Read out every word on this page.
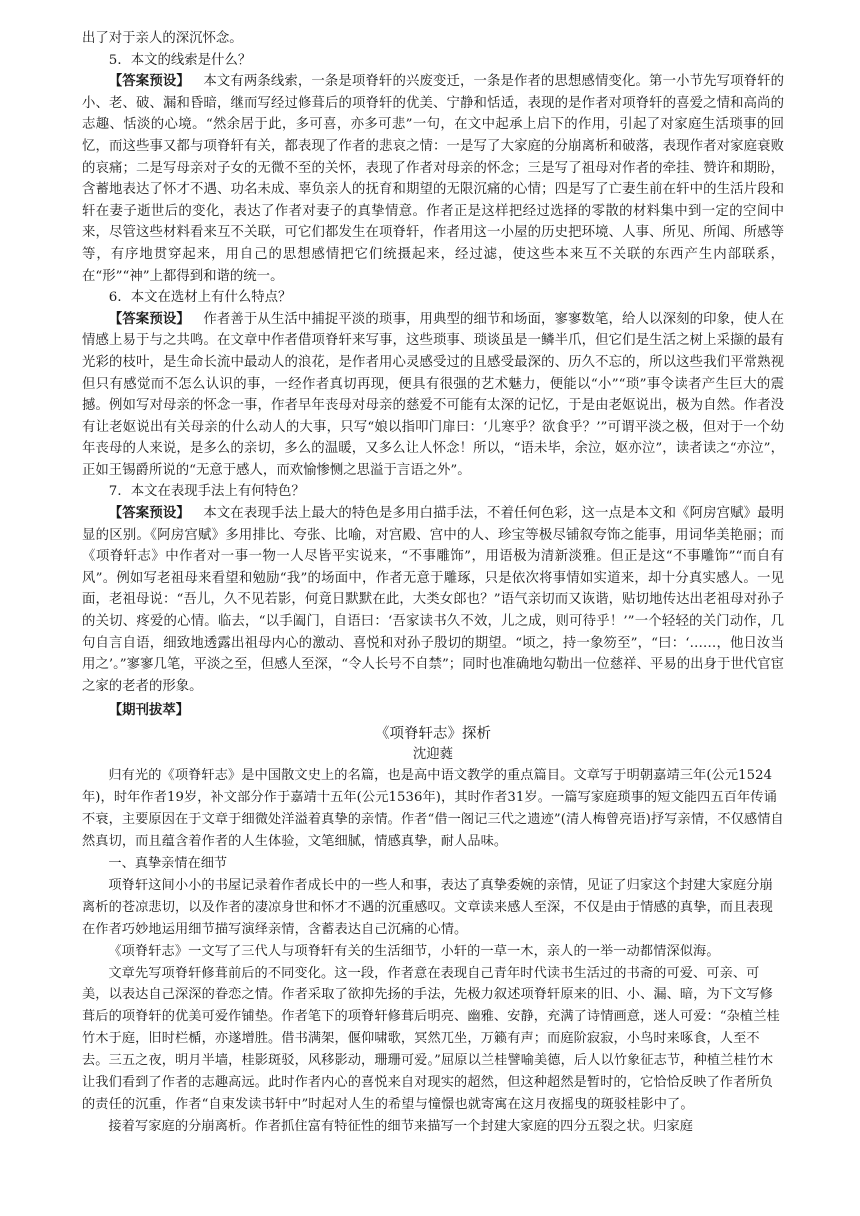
出了对于亲人的深沉怀念。

5．本文的线索是什么？

【答案预设】  本文有两条线索，一条是项脊轩的兴废变迁，一条是作者的思想感情变化。第一小节先写项脊轩的小、老、破、漏和昏暗，继而写经过修葺后的项脊轩的优美、宁静和恬适，表现的是作者对项脊轩的喜爱之情和高尚的志趣、恬淡的心境。“然余居于此，多可喜，亦多可悲”一句，在文中起承上启下的作用，引起了对家庭生活琐事的回忆，而这些事又都与项脊轩有关，都表现了作者的悲哀之情：一是写了大家庭的分崩离析和破落，表现作者对家庭衰败的哀痛；二是写母亲对子女的无微不至的关怀，表现了作者对母亲的怀念；三是写了祖母对作者的牵挂、赞许和期盼，含蓄地表达了怀才不遇、功名未成、辜负亲人的抚育和期望的无限沉痛的心情；四是写了亡妻生前在轩中的生活片段和轩在妻子逝世后的变化，表达了作者对妻子的真挚情意。作者正是这样把经过选择的零散的材料集中到一定的空间中来，尽管这些材料看来互不关联，可它们都发生在项脊轩，作者用这一小屋的历史把环境、人事、所见、所闻、所感等等，有序地贯穿起来，用自己的思想感情把它们统摄起来，经过滤，使这些本来互不关联的东西产生内部联系，在“形”“神”上都得到和谐的统一。

6．本文在选材上有什么特点？

【答案预设】  作者善于从生活中捕捉平淡的琐事，用典型的细节和场面，寥寥数笔，给人以深刻的印象，使人在情感上易于与之共鸣。在文章中作者借项脊轩来写事，这些琐事、琐谈虽是一鳞半爪，但它们是生活之树上采撷的最有光彩的枝叶，是生命长流中最动人的浪花，是作者用心灵感受过的且感受最深的、历久不忘的，所以这些我们平常熟视但只有感觉而不怎么认识的事，一经作者真切再现，便具有很强的艺术魅力，便能以“小”“琐”事令读者产生巨大的震撼。例如写对母亲的怀念一事，作者早年丧母对母亲的慈爱不可能有太深的记忆，于是由老妪说出，极为自然。作者没有让老妪说出有关母亲的什么动人的大事，只写“娘以指叩门扉曰：‘儿寒乎？欲食乎？’”可谓平淡之极，但对于一个幼年丧母的人来说，是多么的亲切，多么的温暖，又多么让人怀念！所以，“语未毕，余泣，妪亦泣”，读者读之“亦泣”，正如王锡爵所说的“无意于感人，而欢愉惨恻之思溢于言语之外”。

7．本文在表现手法上有何特色？

【答案预设】  本文在表现手法上最大的特色是多用白描手法，不着任何色彩，这一点是本文和《阿房宫赋》最明显的区别。《阿房宫赋》多用排比、夸张、比喻，对宫殿、宫中的人、珍宝等极尽铺叙夸饰之能事，用词华美艳丽；而《项脊轩志》中作者对一事一物一人尽皆平实说来，“不事雕饰”，用语极为清新淡雅。但正是这“不事雕饰”“而自有风”。例如写老祖母来看望和勉励“我”的场面中，作者无意于雕琢，只是依次将事情如实道来，却十分真实感人。一见面，老祖母说：“吾儿，久不见若影，何竟日默默在此，大类女郎也？”语气亲切而又诙谐，贴切地传达出老祖母对孙子的关切、疼爱的心情。临去，“以手阖门，自语曰：‘吾家读书久不效，儿之成，则可待乎！’”一个轻轻的关门动作，几句自言自语，细致地透露出祖母内心的激动、喜悦和对孙子殷切的期望。“顷之，持一象笏至”，“曰：‘……，他日汝当用之’。”寥寥几笔，平淡之至，但感人至深，“令人长号不自禁”；同时也准确地勾勒出一位慈祥、平易的出身于世代官宦之家的老者的形象。

【期刊拔萃】

《项脊轩志》探析

沈迎蕤

归有光的《项脊轩志》是中国散文史上的名篇，也是高中语文教学的重点篇目。文章写于明朝嘉靖三年(公元1524年)，时年作者19岁，补文部分作于嘉靖十五年(公元1536年)，其时作者31岁。一篇写家庭琐事的短文能四五百年传诵不衰，主要原因在于文章于细微处洋溢着真挚的亲情。作者“借一阁记三代之遗迹”(清人梅曾亮语)抒写亲情，不仅感情自然真切，而且蕴含着作者的人生体验，文笔细腻，情感真挚，耐人品味。

一、真挚亲情在细节

项脊轩这间小小的书屋记录着作者成长中的一些人和事，表达了真挚委婉的亲情，见证了归家这个封建大家庭分崩离析的苍凉悲切，以及作者的凄凉身世和怀才不遇的沉重感叹。文章读来感人至深，不仅是由于情感的真挚，而且表现在作者巧妙地运用细节描写演绎亲情，含蓄表达自己沉痛的心情。

《项脊轩志》一文写了三代人与项脊轩有关的生活细节，小轩的一草一木，亲人的一举一动都情深似海。

文章先写项脊轩修葺前后的不同变化。这一段，作者意在表现自己青年时代读书生活过的书斋的可爱、可亲、可美，以表达自己深深的眷恋之情。作者采取了欲抑先扬的手法，先极力叙述项脊轩原来的旧、小、漏、暗，为下文写修葺后的项脊轩的优美可爱作铺垫。作者笔下的项脊轩修葺后明亮、幽雅、安静，充满了诗情画意，迷人可爱：“杂植兰桂竹木于庭，旧时栏楯，亦遂增胜。借书满架，偃仰啸歌，冥然兀坐，万籁有声；而庭阶寂寂，小鸟时来啄食，人至不去。三五之夜，明月半墙，桂影斑驳，风移影动，珊珊可爱。”屈原以兰桂譬喻美德，后人以竹象征志节，种植兰桂竹木让我们看到了作者的志趣高远。此时作者内心的喜悦来自对现实的超然，但这种超然是暂时的，它恰恰反映了作者所负的责任的沉重，作者“自束发读书轩中”时起对人生的希望与憧憬也就寄寓在这月夜摇曳的斑驳桂影中了。

接着写家庭的分崩离析。作者抓住富有特征性的细节来描写一个封建大家庭的四分五裂之状。归家庭
